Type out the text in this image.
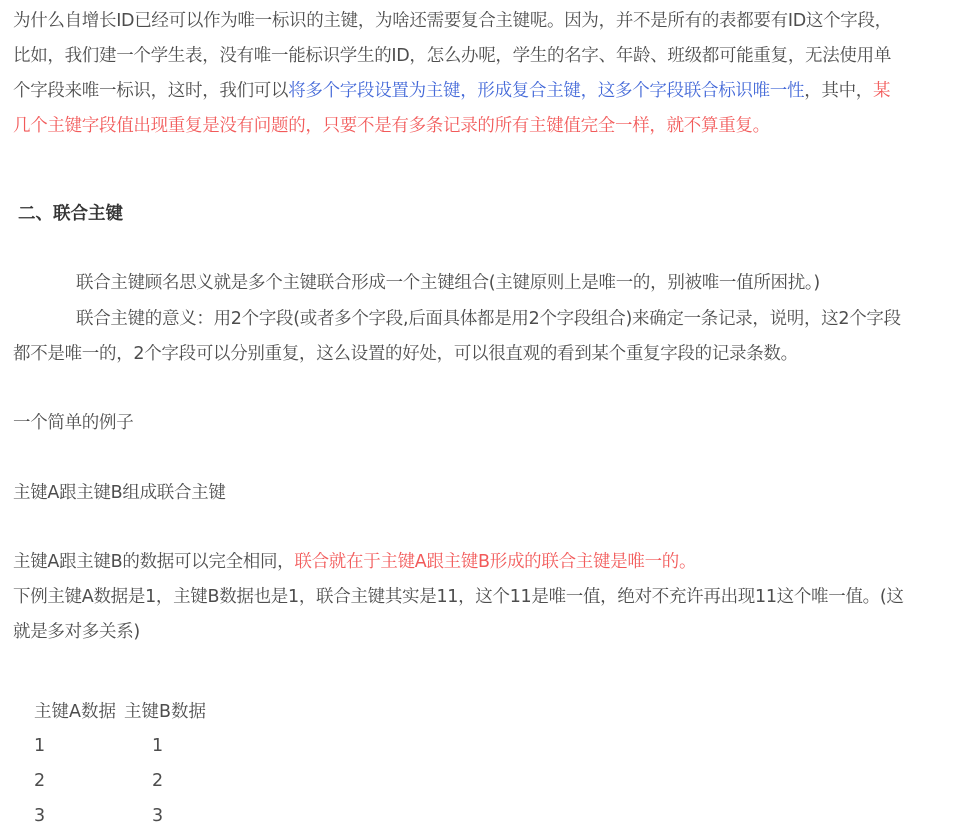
为什么自增长ID已经可以作为唯一标识的主键，为啥还需要复合主键呢。因为，并不是所有的表都要有ID这个字段，
比如，我们建一个学生表，没有唯一能标识学生的ID，怎么办呢，学生的名字、年龄、班级都可能重复，无法使用单
个字段来唯一标识，这时，我们可以将多个字段设置为主键，形成复合主键，这多个字段联合标识唯一性，其中，某
几个主键字段值出现重复是没有问题的，只要不是有多条记录的所有主键值完全一样，就不算重复。
二、联合主键
联合主键顾名思义就是多个主键联合形成一个主键组合(主键原则上是唯一的，别被唯一值所困扰。)
联合主键的意义：用2个字段(或者多个字段,后面具体都是用2个字段组合)来确定一条记录，说明，这2个字段
都不是唯一的，2个字段可以分别重复，这么设置的好处，可以很直观的看到某个重复字段的记录条数。
一个简单的例子
主键A跟主键B组成联合主键
主键A跟主键B的数据可以完全相同，联合就在于主键A跟主键B形成的联合主键是唯一的。
下例主键A数据是1，主键B数据也是1，联合主键其实是11，这个11是唯一值，绝对不充许再出现11这个唯一值。(这
就是多对多关系)
主键A数据 主键B数据
1	1
2	2
3	3
